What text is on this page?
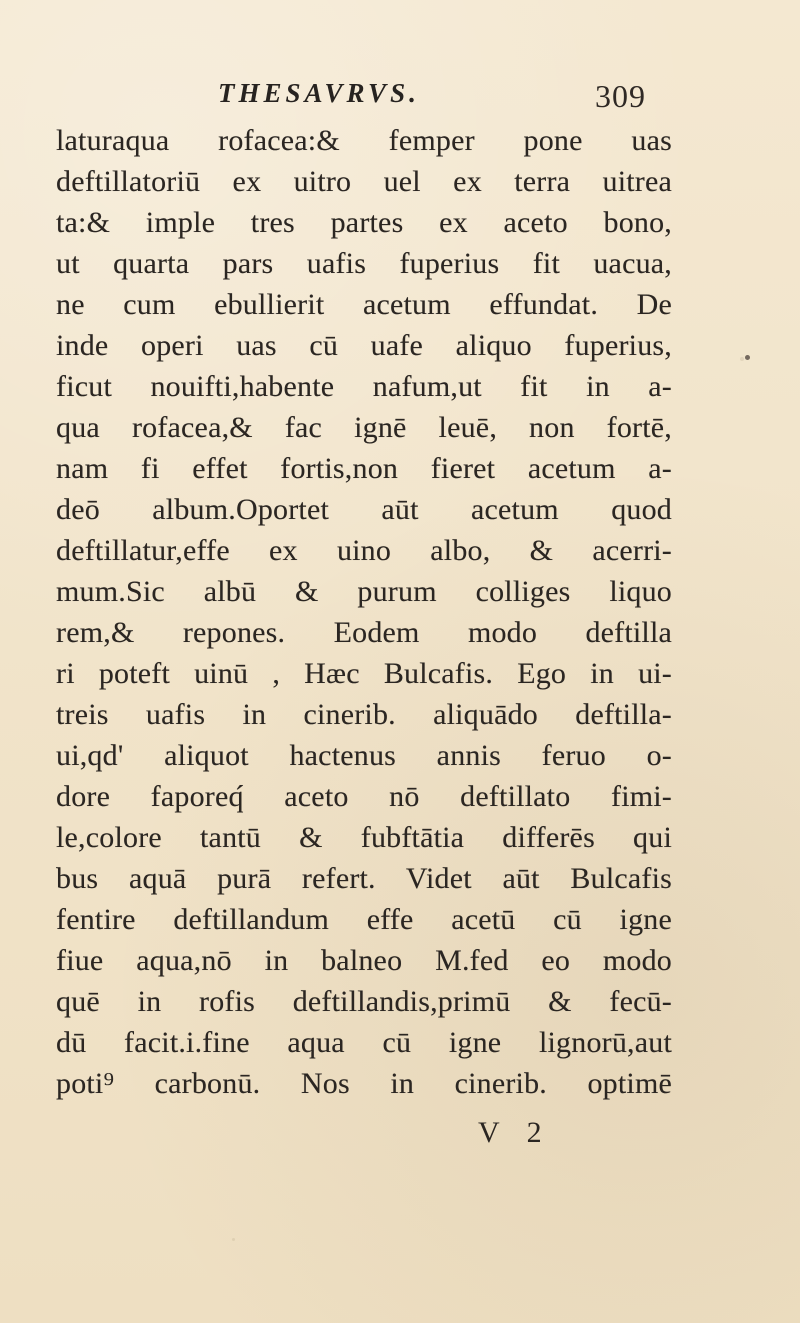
THESAVRVS.	309
laturaqua rofacea:& femper pone uas
deftillatoriū ex uitro uel ex terra uitrea
ta:& imple tres partes ex aceto bono,
ut quarta pars uafis fuperius fit uacua,
ne cum ebullierit acetum effundat. De
inde operi uas cū uafe aliquo fuperius,
ficut nouifti,habente nafum,ut fit in a-
qua rofacea,& fac ignē leuē, non fortē,
nam fi effet fortis,non fieret acetum a-
deō album.Oportet aūt acetum quod
deftillatur,effe ex uino albo, & acerri-
mum.Sic albū & purum colliges liquo
rem,& repones. Eodem modo deftilla
ri poteft uinū , Hæc Bulcafis. Ego in ui-
treis uafis in cinerib. aliquādo deftilla-
ui,qd' aliquot hactenus annis feruo o-
dore faporeq́ aceto nō deftillato fimi-
le,colore tantū & fubftātia differēs qui
bus aquā purā refert. Videt aūt Bulcafis
fentire deftillandum effe acetū cū igne
fiue aqua,nō in balneo M.fed eo modo
quē in rofis deftillandis,primū & fecū-
dū facit.i.fine aqua cū igne lignorū,aut
poti⁹ carbonū. Nos in cinerib. optimē
V 2
